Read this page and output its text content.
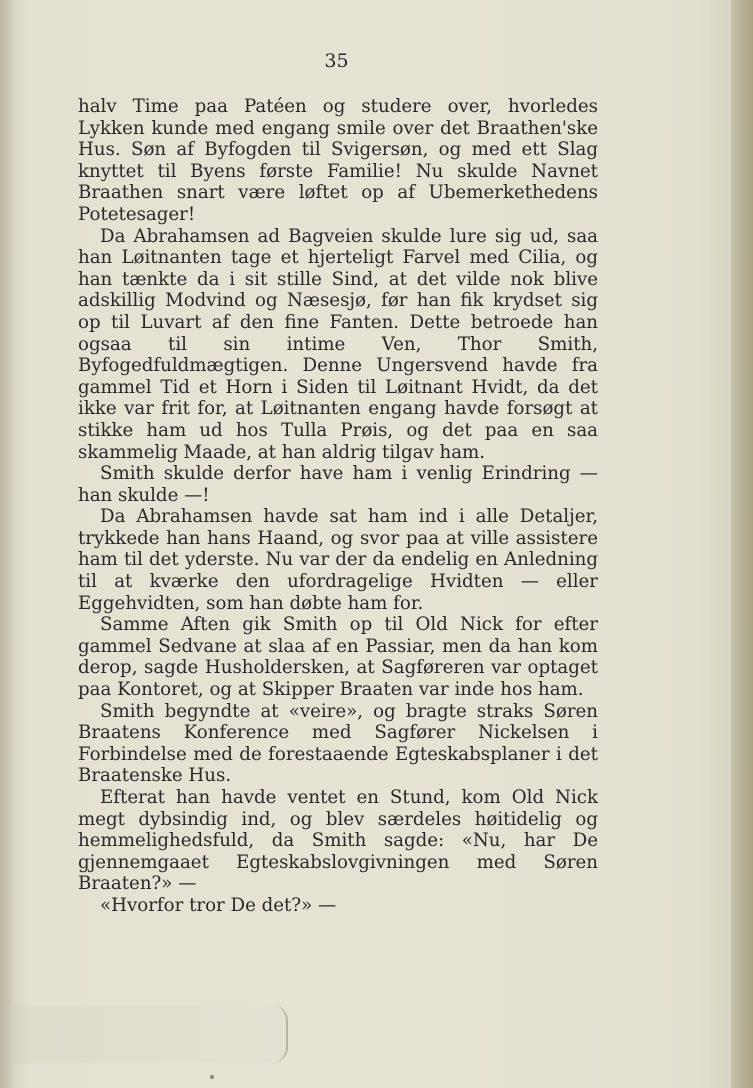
35

halv Time paa Patéen og studere over, hvorledes Lykken kunde med engang smile over det Braathen'ske Hus. Søn af Byfogden til Svigersøn, og med ett Slag knyttet til Byens første Familie! Nu skulde Navnet Braathen snart være løftet op af Ubemerkethedens Potetesager!

Da Abrahamsen ad Bagveien skulde lure sig ud, saa han Løitnanten tage et hjerteligt Farvel med Cilia, og han tænkte da i sit stille Sind, at det vilde nok blive adskillig Modvind og Næsesjø, før han fik krydset sig op til Luvart af den fine Fanten. Dette betroede han ogsaa til sin intime Ven, Thor Smith, Byfogedfuldmægtigen. Denne Ungersvend havde fra gammel Tid et Horn i Siden til Løitnant Hvidt, da det ikke var frit for, at Løitnanten engang havde forsøgt at stikke ham ud hos Tulla Prøis, og det paa en saa skammelig Maade, at han aldrig tilgav ham.

Smith skulde derfor have ham i venlig Erindring — han skulde —!

Da Abrahamsen havde sat ham ind i alle Detaljer, trykkede han hans Haand, og svor paa at ville assistere ham til det yderste. Nu var der da endelig en Anledning til at kværke den ufordragelige Hvidten — eller Eggehvidten, som han døbte ham for.

Samme Aften gik Smith op til Old Nick for efter gammel Sedvane at slaa af en Passiar, men da han kom derop, sagde Husholdersken, at Sagføreren var optaget paa Kontoret, og at Skipper Braaten var inde hos ham.

Smith begyndte at «veire», og bragte straks Søren Braatens Konference med Sagfører Nickelsen i Forbindelse med de forestaaende Egteskabsplaner i det Braatenske Hus.

Efterat han havde ventet en Stund, kom Old Nick megt dybsindig ind, og blev særdeles høitidelig og hemmelighedsfuld, da Smith sagde: «Nu, har De gjennemgaaet Egteskabslovgivningen med Søren Braaten?» —

«Hvorfor tror De det?» —
